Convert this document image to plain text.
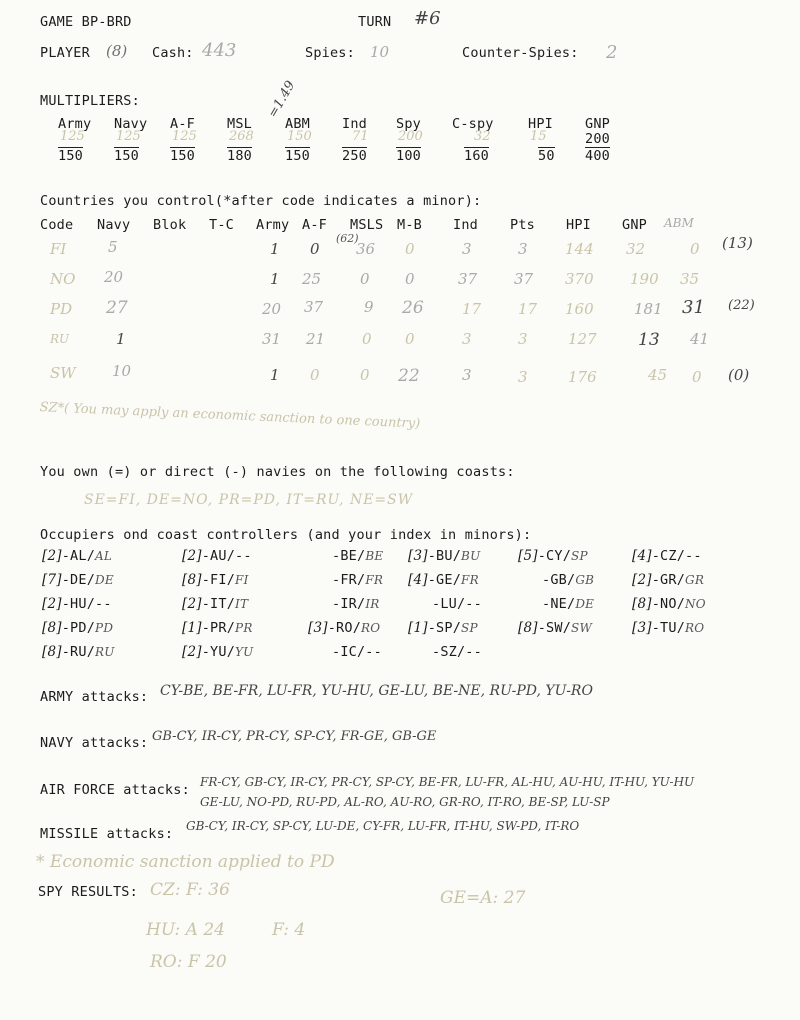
GAME BP-BRD	TURN #6
PLAYER (8) Cash: 443	Spies: 10	Counter-Spies: 2
MULTIPLIERS:	=1.49
Army Navy A-F MSL ABM Ind Spy C-spy	HPI GNP
125 125 125 268	150	71 200	32	15	200
150 150 150 180 150 250 100	160	50 400
Countries you control(*after code indicates a minor):
Code Navy Blok T-C Army A-F MSLS M-B Ind Pts HPI GNP ABM
(62)
FI	5	1 0 36 0	3	3 144 32	0 (13)
NO 20	1 25	0 0	37 37 370 190 35
PD 27	20 37	9 26	17 17 160	181 31 (22)
RU	1	31 21 0 0	3	3	127 13 41
SW 10	1 0	0 22	3	3	176	45 0 (0)
SZ*( You may apply an economic sanction to one country)
You own (=) or direct (-) navies on the following coasts:
SE=FI, DE=NO, PR=PD, IT=RU, NE=SW
Occupiers ond coast controllers (and your index in minors):
[2]-AL/AL	[2]-AU/--	-BE/BE [3]-BU/BU	[5]-CY/SP	[4]-CZ/--
[7]-DE/DE	[8]-FI/FI	-FR/FR [4]-GE/FR	-GB/GB	[2]-GR/GR
[2]-HU/--	[2]-IT/IT	-IR/IR	-LU/--	-NE/DE	[8]-NO/NO
[8]-PD/PD	[1]-PR/PR	[3]-RO/RO [1]-SP/SP	[8]-SW/SW	[3]-TU/RO
[8]-RU/RU	[2]-YU/YU	-IC/--	-SZ/--
ARMY attacks: CY-BE, BE-FR, LU-FR, YU-HU, GE-LU, BE-NE, RU-PD, YU-RO
NAVY attacks: GB-CY, IR-CY, PR-CY, SP-CY, FR-GE, GB-GE
AIR FORCE attacks: FR-CY, GB-CY, IR-CY, PR-CY, SP-CY, BE-FR, LU-FR, AL-HU, AU-HU, IT-HU, YU-HU
GE-LU, NO-PD, RU-PD, AL-RO, AU-RO, GR-RO, IT-RO, BE-SP, LU-SP
MISSILE attacks: GB-CY, IR-CY, SP-CY, LU-DE, CY-FR, LU-FR, IT-HU, SW-PD, IT-RO
* Economic sanction applied to PD
SPY RESULTS: CZ: F: 36	GE=A: 27
HU: A 24	F: 4
RO: F 20
